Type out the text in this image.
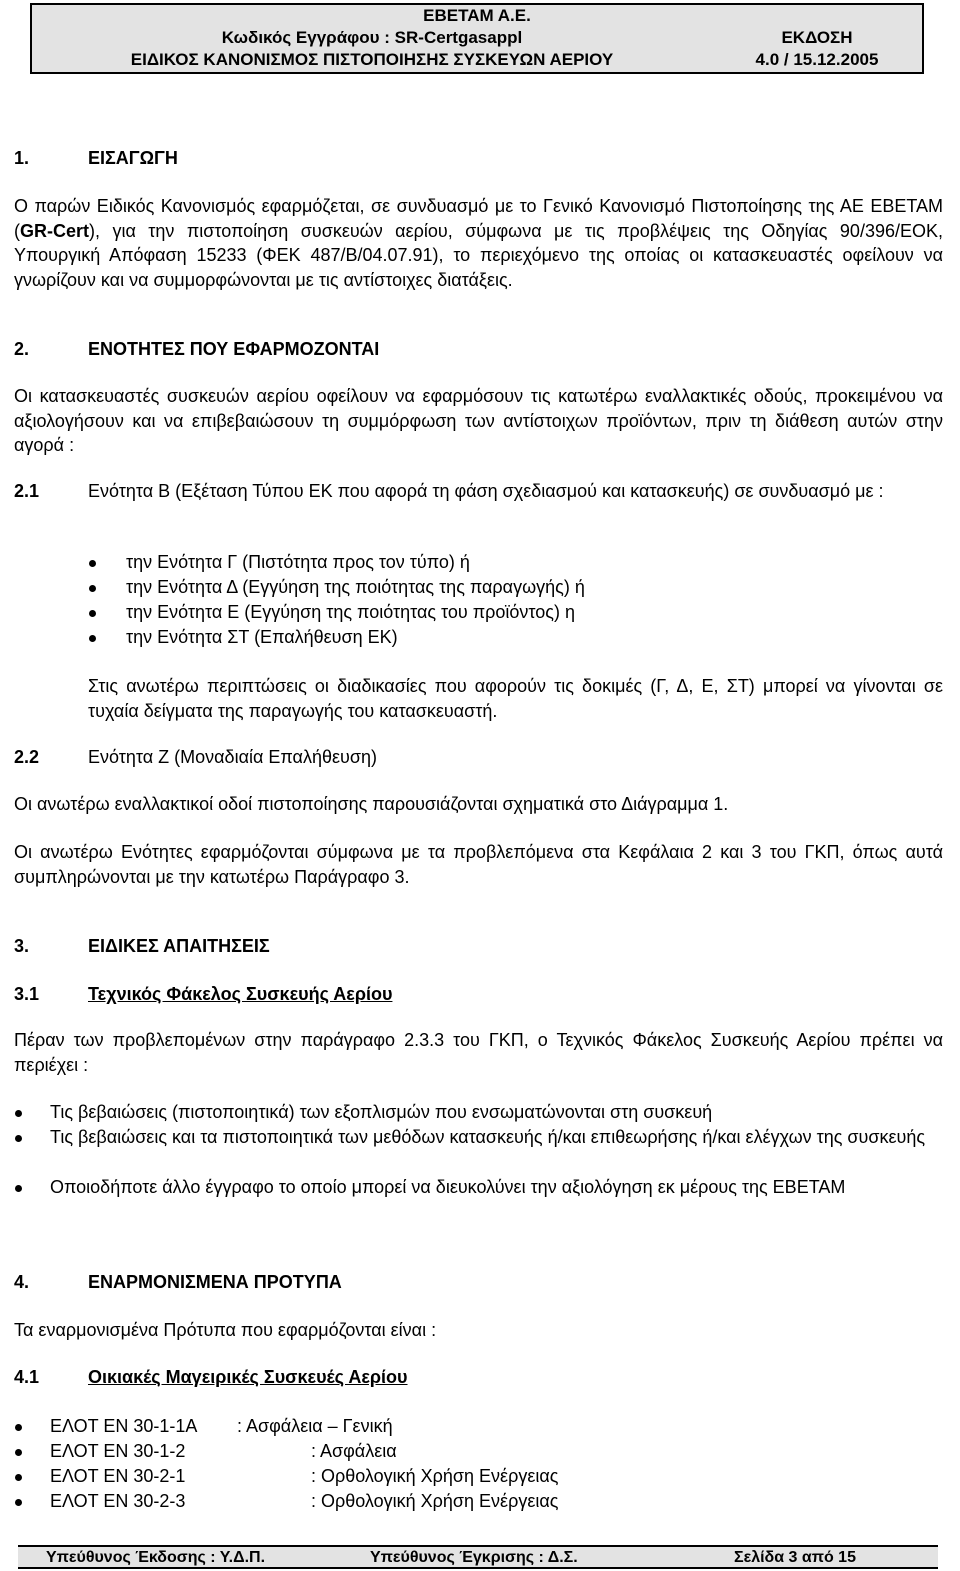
ΕΒΕΤΑΜ Α.Ε.
Κωδικός Εγγράφου : SR-Certgasappl	ΕΚΔΟΣΗ
ΕΙΔΙΚΟΣ ΚΑΝΟΝΙΣΜΟΣ ΠΙΣΤΟΠΟΙΗΣΗΣ ΣΥΣΚΕΥΩΝ ΑΕΡΙΟΥ	4.0 / 15.12.2005
1.	ΕΙΣΑΓΩΓΗ
Ο παρών Ειδικός Κανονισμός εφαρμόζεται, σε συνδυασμό με το Γενικό Κανονισμό Πιστοποίησης της ΑΕ ΕΒΕΤΑΜ (GR-Cert), για την πιστοποίηση συσκευών αερίου, σύμφωνα με τις προβλέψεις της Οδηγίας 90/396/ΕΟΚ, Υπουργική Απόφαση 15233 (ΦΕΚ 487/Β/04.07.91), το περιεχόμενο της οποίας οι κατασκευαστές οφείλουν να γνωρίζουν και να συμμορφώνονται με τις αντίστοιχες διατάξεις.
2.	ΕΝΟΤΗΤΕΣ ΠΟΥ ΕΦΑΡΜΟΖΟΝΤΑΙ
Οι κατασκευαστές συσκευών αερίου οφείλουν να εφαρμόσουν τις κατωτέρω εναλλακτικές οδούς, προκειμένου να αξιολογήσουν και να επιβεβαιώσουν τη συμμόρφωση των αντίστοιχων προϊόντων, πριν τη διάθεση αυτών στην αγορά :
2.1	Ενότητα Β (Εξέταση Τύπου ΕΚ που αφορά τη φάση σχεδιασμού και κατασκευής) σε συνδυασμό με :
την Ενότητα Γ (Πιστότητα προς τον τύπο) ή
την Ενότητα Δ (Εγγύηση της ποιότητας της παραγωγής) ή
την Ενότητα Ε (Εγγύηση της ποιότητας του προϊόντος) η
την Ενότητα ΣΤ (Επαλήθευση ΕΚ)
Στις ανωτέρω περιπτώσεις οι διαδικασίες που αφορούν τις δοκιμές (Γ, Δ, Ε, ΣΤ) μπορεί να γίνονται σε τυχαία δείγματα της παραγωγής του κατασκευαστή.
2.2	Ενότητα Ζ (Μοναδιαία Επαλήθευση)
Οι ανωτέρω εναλλακτικοί οδοί πιστοποίησης παρουσιάζονται σχηματικά στο Διάγραμμα 1.
Οι ανωτέρω Ενότητες εφαρμόζονται σύμφωνα με τα προβλεπόμενα στα Κεφάλαια 2 και 3 του ΓΚΠ, όπως αυτά συμπληρώνονται με την κατωτέρω Παράγραφο 3.
3.	ΕΙΔΙΚΕΣ ΑΠΑΙΤΗΣΕΙΣ
3.1	Τεχνικός Φάκελος Συσκευής Αερίου
Πέραν των προβλεπομένων στην παράγραφο 2.3.3 του ΓΚΠ, ο Τεχνικός Φάκελος Συσκευής Αερίου πρέπει να περιέχει :
Τις βεβαιώσεις (πιστοποιητικά) των εξοπλισμών που ενσωματώνονται στη συσκευή
Τις βεβαιώσεις και τα πιστοποιητικά των μεθόδων κατασκευής ή/και επιθεωρήσης ή/και ελέγχων της συσκευής
Οποιοδήποτε άλλο έγγραφο το οποίο μπορεί να διευκολύνει την αξιολόγηση εκ μέρους της ΕΒΕΤΑΜ
4.	ΕΝΑΡΜΟΝΙΣΜΕΝΑ ΠΡΟΤΥΠΑ
Τα εναρμονισμένα Πρότυπα που εφαρμόζονται είναι :
4.1	Οικιακές Μαγειρικές Συσκευές Αερίου
ΕΛΟΤ ΕΝ 30-1-1Α : Ασφάλεια – Γενική
ΕΛΟΤ ΕΝ 30-1-2	: Ασφάλεια
ΕΛΟΤ ΕΝ 30-2-1	: Ορθολογική Χρήση Ενέργειας
ΕΛΟΤ ΕΝ 30-2-3	: Ορθολογική Χρήση Ενέργειας
Υπεύθυνος Έκδοσης : Υ.Δ.Π.	Υπεύθυνος Έγκρισης : Δ.Σ.	Σελίδα 3 από 15
